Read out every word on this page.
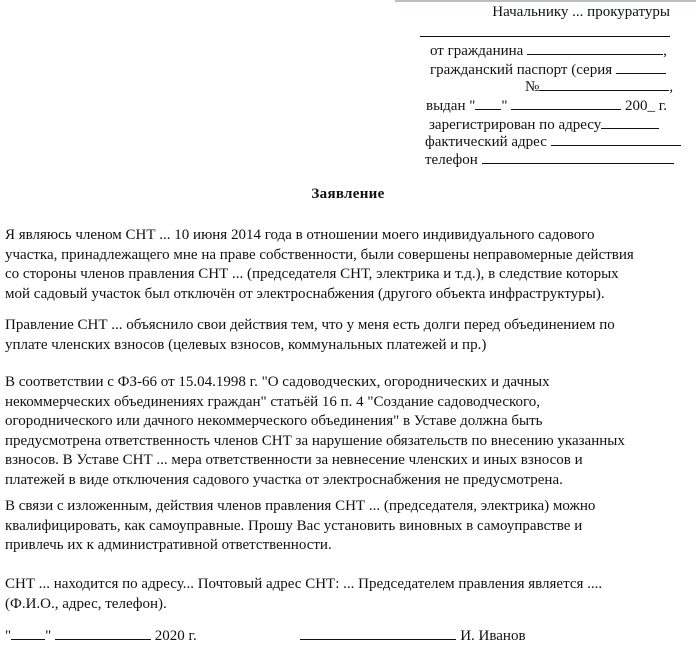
Начальнику ... прокуратуры
от гражданина	,
гражданский паспорт (серия
№	,
выдан " "	200_ г.
зарегистрирован по адресу
фактический адрес
телефон
Заявление
Я являюсь членом СНТ ... 10 июня 2014 года в отношении моего индивидуального садового
участка, принадлежащего мне на праве собственности, были совершены неправомерные действия
со стороны членов правления СНТ ... (председателя СНТ, электрика и т.д.), в следствие которых
мой садовый участок был отключён от электроснабжения (другого объекта инфраструктуры).
Правление СНТ ... объяснило свои действия тем, что у меня есть долги перед объединением по
уплате членских взносов (целевых взносов, коммунальных платежей и пр.)
В соответствии с ФЗ-66 от 15.04.1998 г. "О садоводческих, огороднических и дачных
некоммерческих объединениях граждан" статьёй 16 п. 4 "Создание садоводческого,
огороднического или дачного некоммерческого объединения" в Уставе должна быть
предусмотрена ответственность членов СНТ за нарушение обязательств по внесению указанных
взносов. В Уставе СНТ ... мера ответственности за невнесение членских и иных взносов и
платежей в виде отключения садового участка от электроснабжения не предусмотрена.
В связи с изложенным, действия членов правления СНТ ... (председателя, электрика) можно
квалифицировать, как самоуправные. Прошу Вас установить виновных в самоуправстве и
привлечь их к административной ответственности.
СНТ ... находится по адресу... Почтовый адрес СНТ: ... Председателем правления является ....
(Ф.И.О., адрес, телефон).
" "	2020 г.	И. Иванов
